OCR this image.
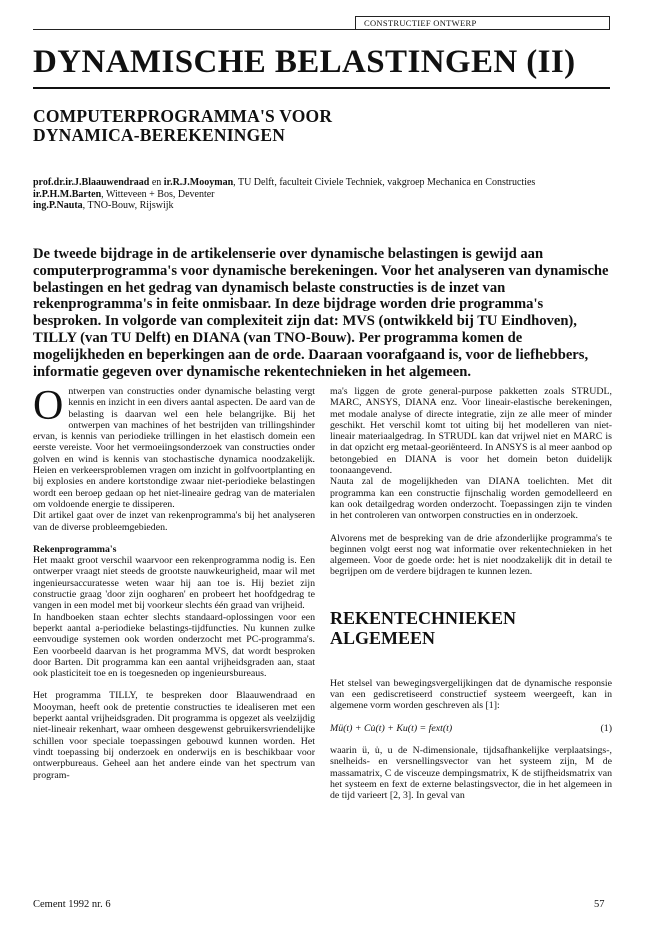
CONSTRUCTIEF ONTWERP
DYNAMISCHE BELASTINGEN (II)
COMPUTERPROGRAMMA'S VOOR
DYNAMICA-BEREKENINGEN
prof.dr.ir.J.Blaauwendraad en ir.R.J.Mooyman, TU Delft, faculteit Civiele Techniek, vakgroep Mechanica en Constructies
ir.P.H.M.Barten, Witteveen + Bos, Deventer
ing.P.Nauta, TNO-Bouw, Rijswijk

De tweede bijdrage in de artikelenserie over dynamische belastingen is gewijd aan computerprogramma's voor dynamische berekeningen. Voor het analyseren van dynamische belastingen en het gedrag van dynamisch belaste constructies is de inzet van rekenprogramma's in feite onmisbaar. In deze bijdrage worden drie programma's besproken. In volgorde van complexiteit zijn dat: MVS (ontwikkeld bij TU Eindhoven), TILLY (van TU Delft) en DIANA (van TNO-Bouw). Per programma komen de mogelijkheden en beperkingen aan de orde. Daaraan voorafgaand is, voor de liefhebbers, informatie gegeven over dynamische rekentechnieken in het algemeen.

Ontwerpen van constructies onder dynamische belasting vergt kennis en inzicht in een divers aantal aspecten. De aard van de belasting is daarvan wel een hele belangrijke. Bij het ontwerpen van machines of het bestrijden van trillingshinder ervan, is kennis van periodieke trillingen in het elastisch domein een eerste vereiste. Voor het vermoeiingsonderzoek van constructies onder golven en wind is kennis van stochastische dynamica noodzakelijk. Heien en verkeersproblemen vragen om inzicht in golfvoortplanting en bij explosies en andere kortstondige zwaar niet-periodieke belastingen wordt een beroep gedaan op het niet-lineaire gedrag van de materialen om voldoende energie te dissiperen.

Dit artikel gaat over de inzet van rekenprogramma's bij het analyseren van de diverse probleemgebieden.

Rekenprogramma's

Het maakt groot verschil waarvoor een rekenprogramma nodig is. Een ontwerper vraagt niet steeds de grootste nauwkeurigheid, maar wil met ingenieursaccuratesse weten waar hij aan toe is. Hij beziet zijn constructie graag 'door zijn oogharen' en probeert het hoofdgedrag te vangen in een model met bij voorkeur slechts één graad van vrijheid.

In handboeken staan echter slechts standaard-oplossingen voor een beperkt aantal a-periodieke belastings-tijdfuncties. Nu kunnen zulke eenvoudige systemen ook worden onderzocht met PC-programma's. Een voorbeeld daarvan is het programma MVS, dat wordt besproken door Barten. Dit programma kan een aantal vrijheidsgraden aan, staat ook plasticiteit toe en is toegesneden op ingenieursbureaus.

Het programma TILLY, te bespreken door Blaauwendraad en Mooyman, heeft ook de pretentie constructies te idealiseren met een beperkt aantal vrijheidsgraden. Dit programma is opgezet als veelzijdig niet-lineair rekenhart, waar omheen desgewenst gebruikersvriendelijke schillen voor speciale toepassingen gebouwd kunnen worden. Het vindt toepassing bij onderzoek en onderwijs en is beschikbaar voor ontwerpbureaus. Geheel aan het andere einde van het spectrum van program-

ma's liggen de grote general-purpose pakketten zoals STRUDL, MARC, ANSYS, DIANA enz. Voor lineair-elastische berekeningen, met modale analyse of directe integratie, zijn ze alle meer of minder geschikt. Het verschil komt tot uiting bij het modelleren van niet-lineair materiaalgedrag. In STRUDL kan dat vrijwel niet en MARC is in dat opzicht erg metaal-georiënteerd. In ANSYS is al meer aanbod op betongebied en DIANA is voor het domein beton duidelijk toonaangevend.

Nauta zal de mogelijkheden van DIANA toelichten. Met dit programma kan een constructie fijnschalig worden gemodelleerd en kan ook detailgedrag worden onderzocht. Toepassingen zijn te vinden in het controleren van ontworpen constructies en in onderzoek.

Alvorens met de bespreking van de drie afzonderlijke programma's te beginnen volgt eerst nog wat informatie over rekentechnieken in het algemeen. Voor de goede orde: het is niet noodzakelijk dit in detail te begrijpen om de verdere bijdragen te kunnen lezen.

REKENTECHNIEKEN
ALGEMEEN

Het stelsel van bewegingsvergelijkingen dat de dynamische responsie van een gediscretiseerd constructief systeem weergeeft, kan in algemene vorm worden geschreven als [1]:

Mü(t) + Cu̇(t) + Ku(t) = fext(t)	(1)

waarin ü, u̇, u de N-dimensionale, tijdsafhankelijke verplaatsings-, snelheids- en versnellingsvector van het systeem zijn, M de massamatrix, C de visceuze dempingsmatrix, K de stijfheidsmatrix van het systeem en fext de externe belastingsvector, die in het algemeen in de tijd varieert [2, 3]. In geval van

Cement 1992 nr. 6	57
